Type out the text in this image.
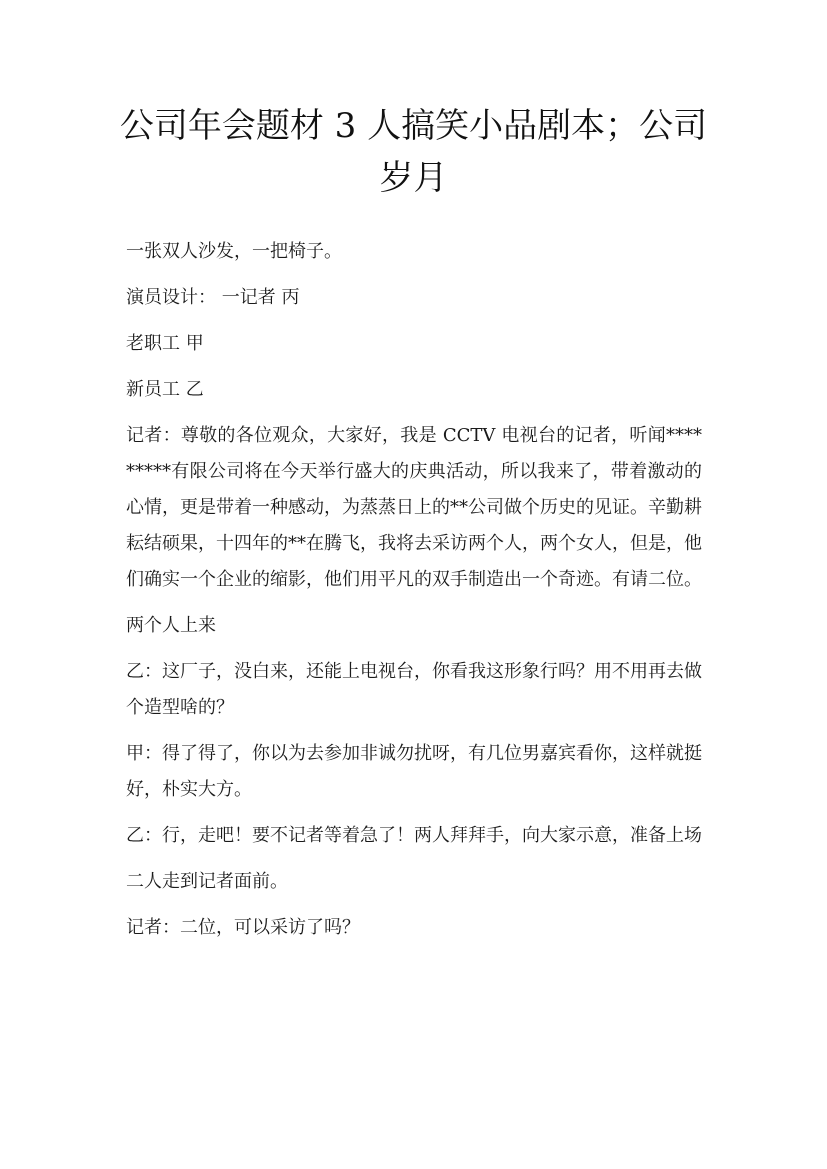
公司年会题材 3 人搞笑小品剧本；公司岁月

一张双人沙发，一把椅子。

演员设计： 一记者 丙

老职工 甲

新员工 乙

记者：尊敬的各位观众，大家好，我是 CCTV 电视台的记者，听闻*********有限公司将在今天举行盛大的庆典活动，所以我来了，带着激动的心情，更是带着一种感动，为蒸蒸日上的**公司做个历史的见证。辛勤耕耘结硕果，十四年的**在腾飞，我将去采访两个人，两个女人，但是，他们确实一个企业的缩影，他们用平凡的双手制造出一个奇迹。有请二位。

两个人上来

乙：这厂子，没白来，还能上电视台，你看我这形象行吗？用不用再去做个造型啥的？

甲：得了得了，你以为去参加非诚勿扰呀，有几位男嘉宾看你，这样就挺好，朴实大方。

乙：行，走吧！要不记者等着急了！两人拜拜手，向大家示意，准备上场

二人走到记者面前。

记者：二位，可以采访了吗？
